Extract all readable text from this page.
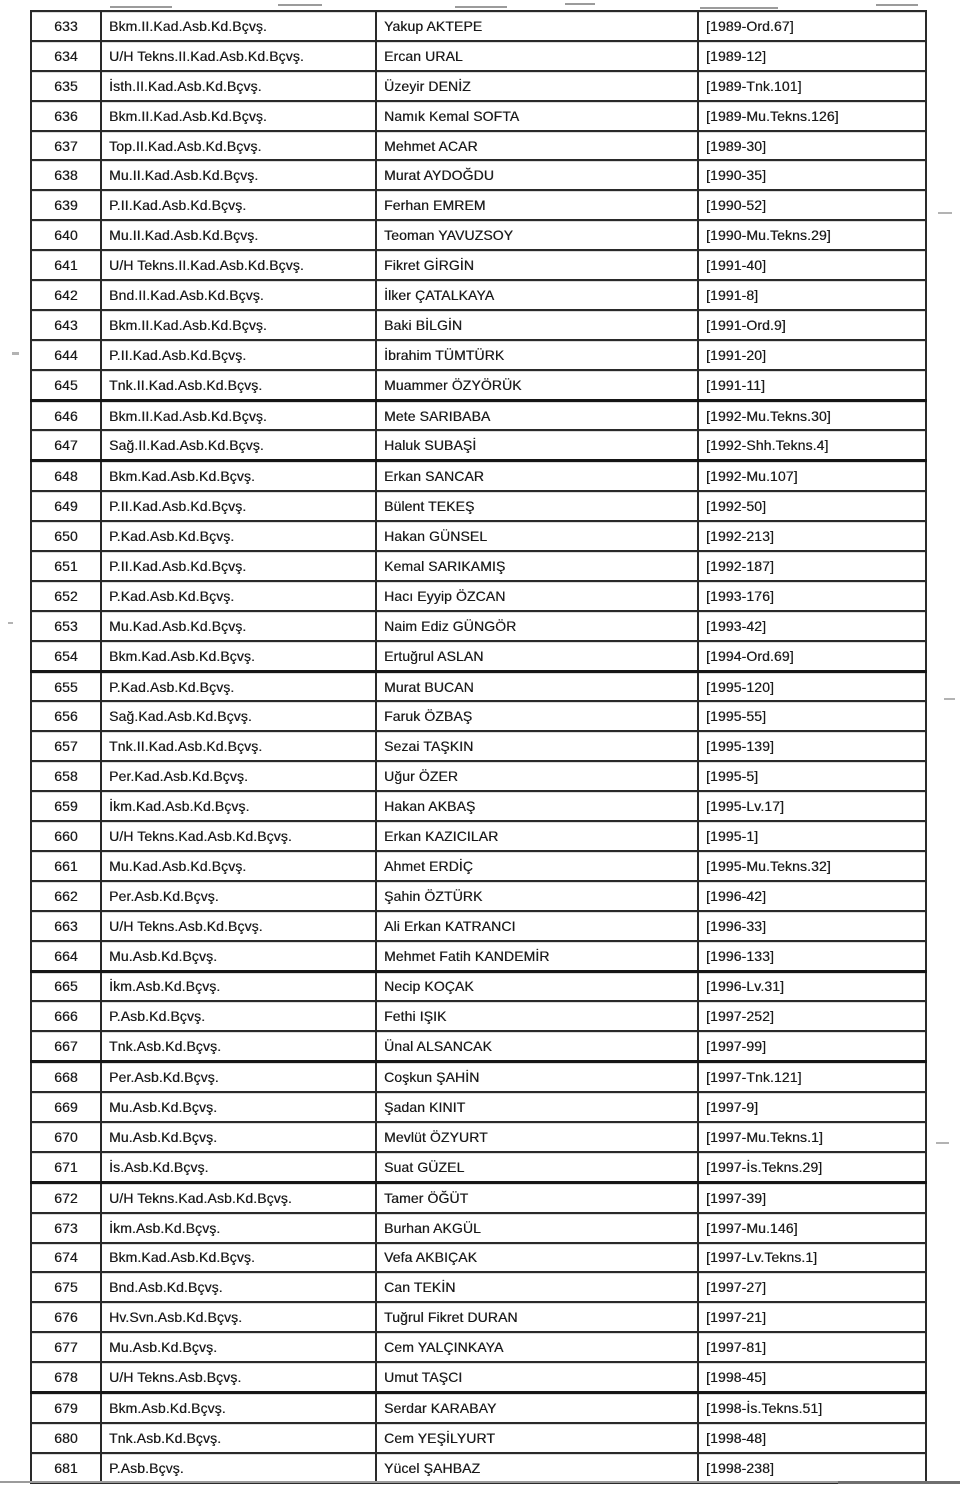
633	Bkm.II.Kad.Asb.Kd.Bçvş.	Yakup AKTEPE	[1989-Ord.67]
634	U/H Tekns.II.Kad.Asb.Kd.Bçvş.	Ercan URAL	[1989-12]
635	İsth.II.Kad.Asb.Kd.Bçvş.	Üzeyir DENİZ	[1989-Tnk.101]
636	Bkm.II.Kad.Asb.Kd.Bçvş.	Namık Kemal SOFTA	[1989-Mu.Tekns.126]
637	Top.II.Kad.Asb.Kd.Bçvş.	Mehmet ACAR	[1989-30]
638	Mu.II.Kad.Asb.Kd.Bçvş.	Murat AYDOĞDU	[1990-35]
639	P.II.Kad.Asb.Kd.Bçvş.	Ferhan EMREM	[1990-52]
640	Mu.II.Kad.Asb.Kd.Bçvş.	Teoman YAVUZSOY	[1990-Mu.Tekns.29]
641	U/H Tekns.II.Kad.Asb.Kd.Bçvş.	Fikret GİRGİN	[1991-40]
642	Bnd.II.Kad.Asb.Kd.Bçvş.	İlker ÇATALKAYA	[1991-8]
643	Bkm.II.Kad.Asb.Kd.Bçvş.	Baki BİLGİN	[1991-Ord.9]
644	P.II.Kad.Asb.Kd.Bçvş.	İbrahim TÜMTÜRK	[1991-20]
645	Tnk.II.Kad.Asb.Kd.Bçvş.	Muammer ÖZYÖRÜK	[1991-11]
646	Bkm.II.Kad.Asb.Kd.Bçvş.	Mete SARIBABA	[1992-Mu.Tekns.30]
647	Sağ.II.Kad.Asb.Kd.Bçvş.	Haluk SUBAŞİ	[1992-Shh.Tekns.4]
648	Bkm.Kad.Asb.Kd.Bçvş.	Erkan SANCAR	[1992-Mu.107]
649	P.II.Kad.Asb.Kd.Bçvş.	Bülent TEKEŞ	[1992-50]
650	P.Kad.Asb.Kd.Bçvş.	Hakan GÜNSEL	[1992-213]
651	P.II.Kad.Asb.Kd.Bçvş.	Kemal SARIKAMIŞ	[1992-187]
652	P.Kad.Asb.Kd.Bçvş.	Hacı Eyyip ÖZCAN	[1993-176]
653	Mu.Kad.Asb.Kd.Bçvş.	Naim Ediz GÜNGÖR	[1993-42]
654	Bkm.Kad.Asb.Kd.Bçvş.	Ertuğrul ASLAN	[1994-Ord.69]
655	P.Kad.Asb.Kd.Bçvş.	Murat BUCAN	[1995-120]
656	Sağ.Kad.Asb.Kd.Bçvş.	Faruk ÖZBAŞ	[1995-55]
657	Tnk.II.Kad.Asb.Kd.Bçvş.	Sezai TAŞKIN	[1995-139]
658	Per.Kad.Asb.Kd.Bçvş.	Uğur ÖZER	[1995-5]
659	İkm.Kad.Asb.Kd.Bçvş.	Hakan AKBAŞ	[1995-Lv.17]
660	U/H Tekns.Kad.Asb.Kd.Bçvş.	Erkan KAZICILAR	[1995-1]
661	Mu.Kad.Asb.Kd.Bçvş.	Ahmet ERDİÇ	[1995-Mu.Tekns.32]
662	Per.Asb.Kd.Bçvş.	Şahin ÖZTÜRK	[1996-42]
663	U/H Tekns.Asb.Kd.Bçvş.	Ali Erkan KATRANCI	[1996-33]
664	Mu.Asb.Kd.Bçvş.	Mehmet Fatih KANDEMİR	[1996-133]
665	İkm.Asb.Kd.Bçvş.	Necip KOÇAK	[1996-Lv.31]
666	P.Asb.Kd.Bçvş.	Fethi IŞIK	[1997-252]
667	Tnk.Asb.Kd.Bçvş.	Ünal ALSANCAK	[1997-99]
668	Per.Asb.Kd.Bçvş.	Coşkun ŞAHİN	[1997-Tnk.121]
669	Mu.Asb.Kd.Bçvş.	Şadan KINIT	[1997-9]
670	Mu.Asb.Kd.Bçvş.	Mevlüt ÖZYURT	[1997-Mu.Tekns.1]
671	İs.Asb.Kd.Bçvş.	Suat GÜZEL	[1997-İs.Tekns.29]
672	U/H Tekns.Kad.Asb.Kd.Bçvş.	Tamer ÖĞÜT	[1997-39]
673	İkm.Asb.Kd.Bçvş.	Burhan AKGÜL	[1997-Mu.146]
674	Bkm.Kad.Asb.Kd.Bçvş.	Vefa AKBIÇAK	[1997-Lv.Tekns.1]
675	Bnd.Asb.Kd.Bçvş.	Can TEKİN	[1997-27]
676	Hv.Svn.Asb.Kd.Bçvş.	Tuğrul Fikret DURAN	[1997-21]
677	Mu.Asb.Kd.Bçvş.	Cem YALÇINKAYA	[1997-81]
678	U/H Tekns.Asb.Bçvş.	Umut TAŞCI	[1998-45]
679	Bkm.Asb.Kd.Bçvş.	Serdar KARABAY	[1998-İs.Tekns.51]
680	Tnk.Asb.Kd.Bçvş.	Cem YEŞİLYURT	[1998-48]
681	P.Asb.Bçvş.	Yücel ŞAHBAZ	[1998-238]
